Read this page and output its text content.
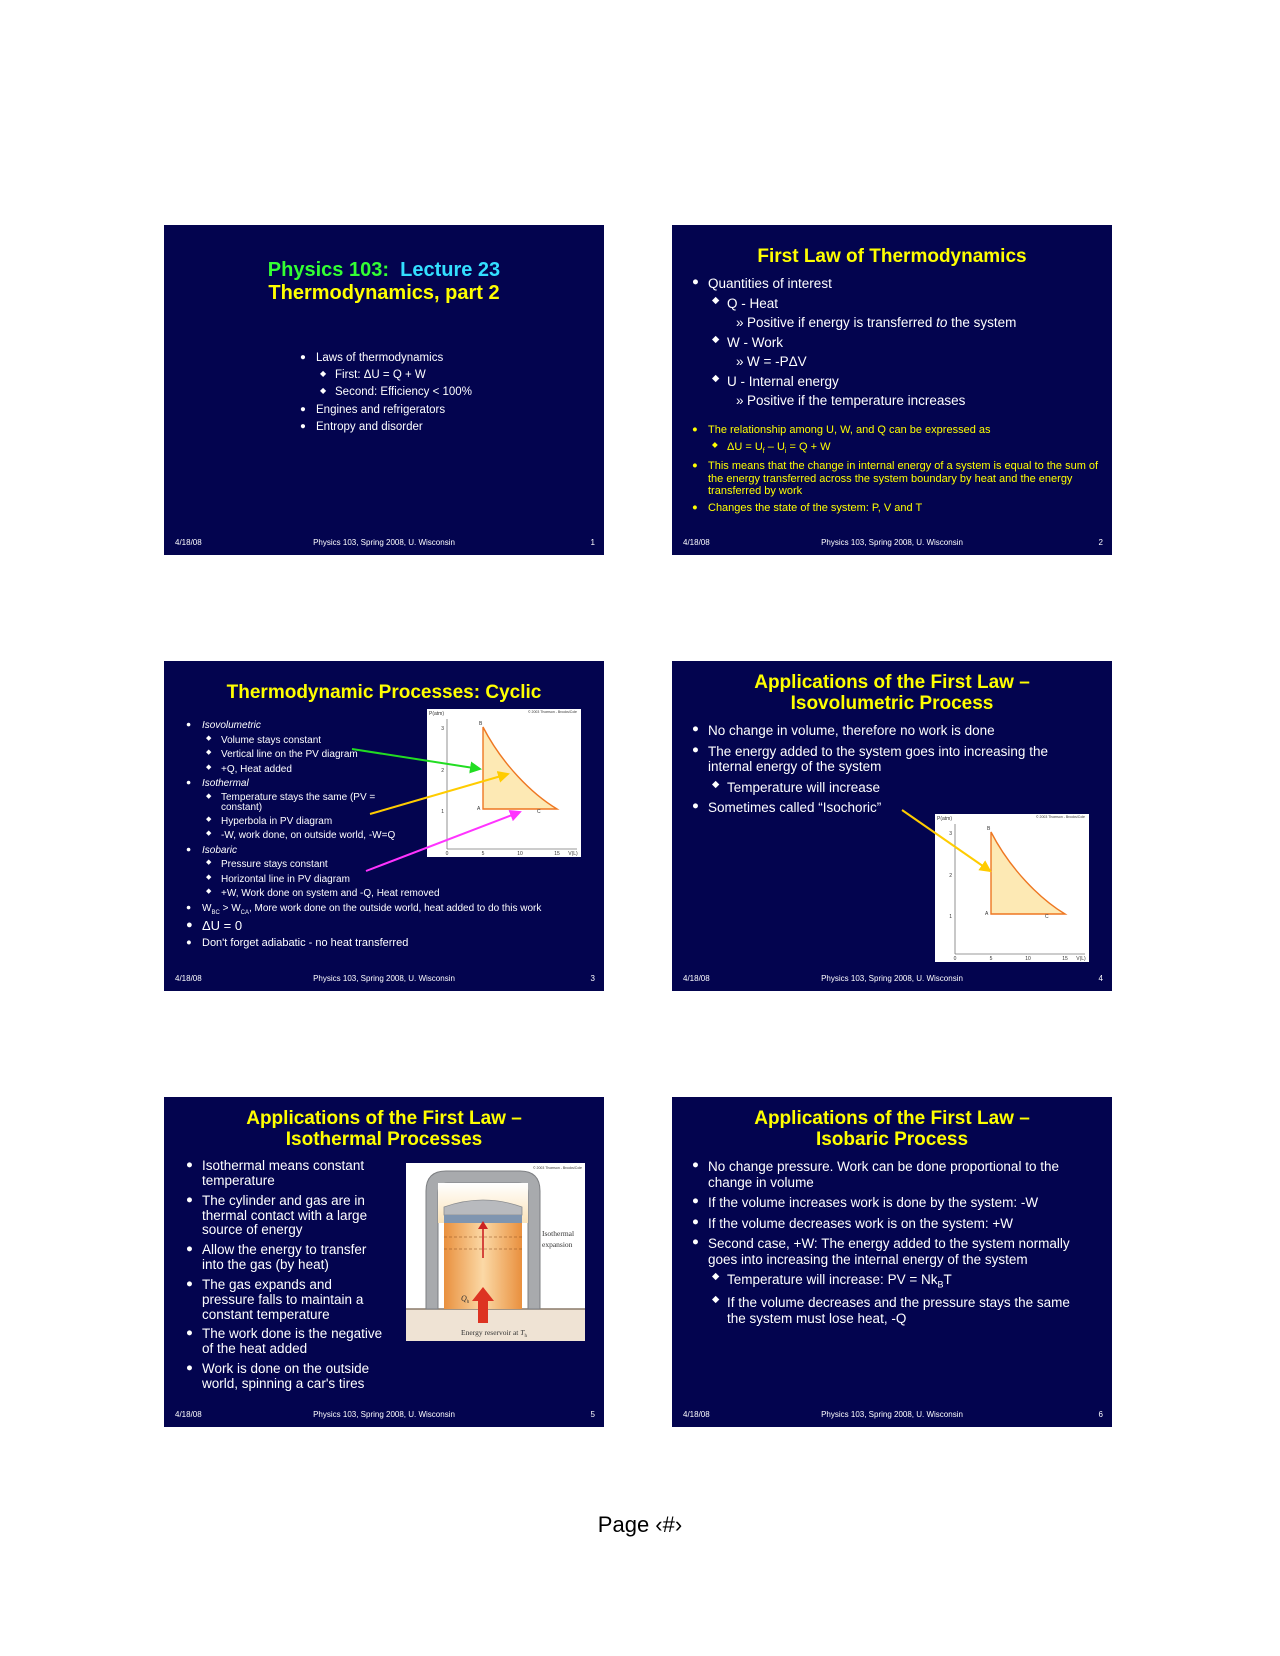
Physics 103: Lecture 23
Thermodynamics, part 2
● Laws of thermodynamics
◆ First: ΔU = Q + W
◆ Second: Efficiency < 100%
● Engines and refrigerators
● Entropy and disorder
4/18/08	Physics 103, Spring 2008, U. Wisconsin	1
First Law of Thermodynamics
● Quantities of interest
◆ Q - Heat
» Positive if energy is transferred to the system
◆ W - Work
» W = -PΔV
◆ U - Internal energy
» Positive if the temperature increases
● The relationship among U, W, and Q can be expressed as
◆ $\Delta U = U_f - U_i = Q + W$
● This means that the change in internal energy of a system is equal to the sum of the energy transferred across the system boundary by heat and the energy transferred by work
● Changes the state of the system: P, V and T
4/18/08	Physics 103, Spring 2008, U. Wisconsin	2
Thermodynamic Processes: Cyclic
● Isovolumetric
◆ Volume stays constant
◆ Vertical line on the PV diagram
◆ +Q, Heat added
● Isothermal
◆ Temperature stays the same (PV = constant)
◆ Hyperbola in PV diagram
◆ -W, work done, on outside world, -W=Q
● Isobaric
◆ Pressure stays constant
◆ Horizontal line in PV diagram
◆ +W, Work done on system and -Q, Heat removed
● $W_{BC} > W_{CA}$, More work done on the outside world, heat added to do this work
● ΔU = 0
● Don't forget adiabatic - no heat transferred
© 2003 Thomson - Brooks/Cole
P(atm)
1
2
3
0	5	10	15 V(L)
B
A	C
4/18/08	Physics 103, Spring 2008, U. Wisconsin	3
Applications of the First Law –
Isovolumetric Process
● No change in volume, therefore no work is done
● The energy added to the system goes into increasing the internal energy of the system
◆ Temperature will increase
● Sometimes called “Isochoric”
© 2003 Thomson - Brooks/Cole
P(atm)
1
2
3
0	5	10	15 V(L)
B
A	C
4/18/08	Physics 103, Spring 2008, U. Wisconsin	4
Applications of the First Law –
Isothermal Processes
● Isothermal means constant temperature
● The cylinder and gas are in thermal contact with a large source of energy
● Allow the energy to transfer into the gas (by heat)
● The gas expands and pressure falls to maintain a constant temperature
● The work done is the negative of the heat added
● Work is done on the outside world, spinning a car's tires
© 2003 Thomson - Brooks/Cole
$Q_h$
Isothermal
expansion
Energy reservoir at $T_h$
4/18/08	Physics 103, Spring 2008, U. Wisconsin	5
Applications of the First Law –
Isobaric Process
● No change pressure. Work can be done proportional to the change in volume
● If the volume increases work is done by the system: -W
● If the volume decreases work is on the system: +W
● Second case, +W: The energy added to the system normally goes into increasing the internal energy of the system
◆ Temperature will increase: PV = $Nk_BT$
◆ If the volume decreases and the pressure stays the same the system must lose heat, -Q
4/18/08	Physics 103, Spring 2008, U. Wisconsin	6
Page ‹#›
